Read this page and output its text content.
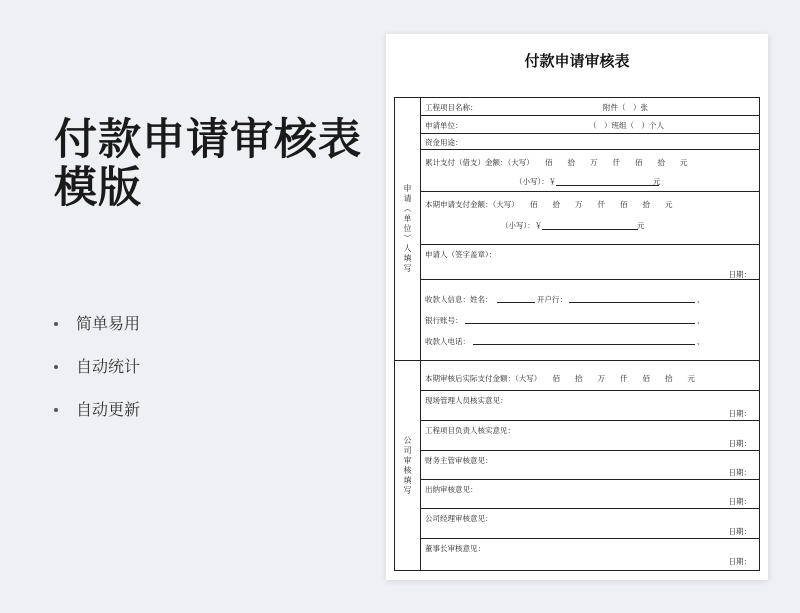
付款申请审核表
模版
简单易用
自动统计
自动更新
付款申请审核表
申请（单位）人填写
公司审核填写
工程项目名称：	附件（　）张
申请单位：	（　）班组（　）个人
资金用途：
累计支付（借支）金额：（大写）　　佰　　拾　　万　　仟　　佰　　拾　　元
（小写）：￥	元
本期申请支付金额：（大写）　　佰　　拾　　万　　仟　　佰　　拾　　元
（小写）：￥	元
申请人（签字盖章）：
日期：
收款人信息：姓名：	开户行：	、
银行账号：	、
收款人电话：	、
本期审核后实际支付金额：（大写）　　佰　　拾　　万　　仟　　佰　　拾　　元
现场管理人员核实意见：
日期：
工程项目负责人核实意见：
日期：
财务主管审核意见：
日期：
出纳审核意见：
日期：
公司经理审核意见：
日期：
董事长审核意见：
日期：
